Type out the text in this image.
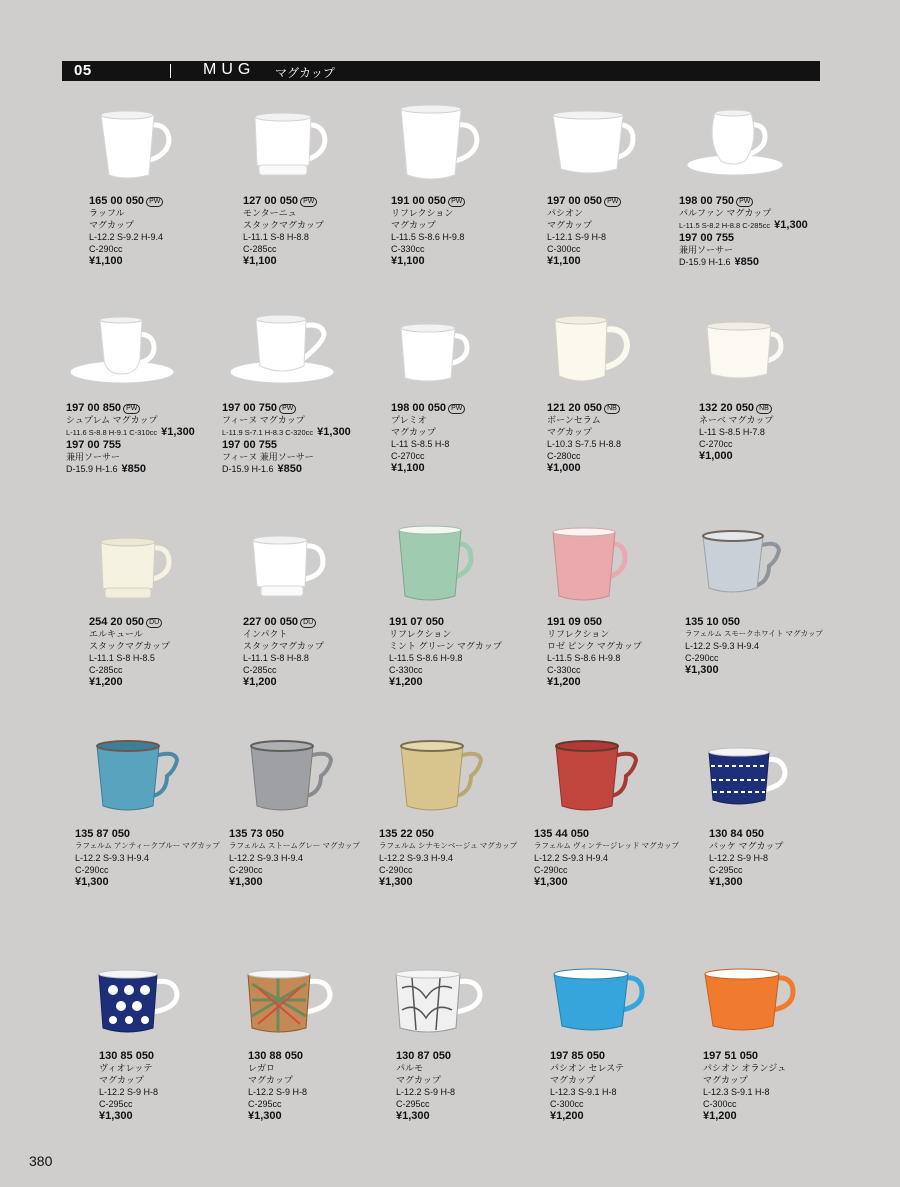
05	MUG マグカップ
165 00 050 PW
ラッフル
マグカップ
L-12.2 S-9.2 H-9.4
C-290cc
¥1,100
127 00 050 PW
モンターニュ
スタックマグカップ
L-11.1 S-8 H-8.8
C-285cc
¥1,100
191 00 050 PW
リフレクション
マグカップ
L-11.5 S-8.6 H-9.8
C-330cc
¥1,100
197 00 050 PW
パシオン
マグカップ
L-12.1 S-9 H-8
C-300cc
¥1,100
198 00 750 PW
パルファン マグカップ
L-11.5 S-8.2 H-8.8 C-285cc ¥1,300
197 00 755
兼用ソーサー
D-15.9 H-1.6 ¥850
197 00 850 PW
シュプレム マグカップ
L-11.6 S-8.8 H-9.1 C-310cc ¥1,300
197 00 755
兼用ソーサー
D-15.9 H-1.6 ¥850
197 00 750 PW
フィーヌ マグカップ
L-11.9 S-7.1 H-8.3 C-320cc ¥1,300
197 00 755
フィーヌ 兼用ソーサー
D-15.9 H-1.6 ¥850
198 00 050 PW
プレミオ
マグカップ
L-11 S-8.5 H-8
C-270cc
¥1,100
121 20 050 NB
ボーンセラム
マグカップ
L-10.3 S-7.5 H-8.8
C-280cc
¥1,000
132 20 050 NB
ネーベ マグカップ
L-11 S-8.5 H-7.8
C-270cc
¥1,000
254 20 050 DU
エルキュール
スタックマグカップ
L-11.1 S-8 H-8.5
C-285cc
¥1,200
227 00 050 DU
インパクト
スタックマグカップ
L-11.1 S-8 H-8.8
C-285cc
¥1,200
191 07 050
リフレクション
ミント グリーン マグカップ
L-11.5 S-8.6 H-9.8
C-330cc
¥1,200
191 09 050
リフレクション
ロゼ ピンク マグカップ
L-11.5 S-8.6 H-9.8
C-330cc
¥1,200
135 10 050
ラフェルム スモークホワイト マグカップ
L-12.2 S-9.3 H-9.4
C-290cc
¥1,300
135 87 050
ラフェルム アンティークブルー マグカップ
L-12.2 S-9.3 H-9.4
C-290cc
¥1,300
135 73 050
ラフェルム ストームグレー マグカップ
L-12.2 S-9.3 H-9.4
C-290cc
¥1,300
135 22 050
ラフェルム シナモンベージュ マグカップ
L-12.2 S-9.3 H-9.4
C-290cc
¥1,300
135 44 050
ラフェルム ヴィンテージレッド マグカップ
L-12.2 S-9.3 H-9.4
C-290cc
¥1,300
130 84 050
バッケ マグカップ
L-12.2 S-9 H-8
C-295cc
¥1,300
130 85 050
ヴィオレッテ
マグカップ
L-12.2 S-9 H-8
C-295cc
¥1,300
130 88 050
レガロ
マグカップ
L-12.2 S-9 H-8
C-295cc
¥1,300
130 87 050
パルモ
マグカップ
L-12.2 S-9 H-8
C-295cc
¥1,300
197 85 050
パシオン セレステ
マグカップ
L-12.3 S-9.1 H-8
C-300cc
¥1,200
197 51 050
パシオン オランジュ
マグカップ
L-12.3 S-9.1 H-8
C-300cc
¥1,200
380
